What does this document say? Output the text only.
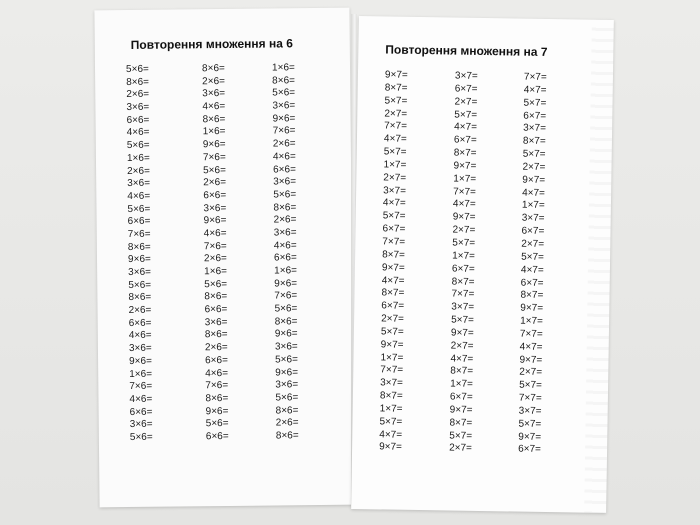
Повторення множення на 6
5×6=
8×6=
2×6=
3×6=
6×6=
4×6=
5×6=
1×6=
2×6=
3×6=
4×6=
5×6=
6×6=
7×6=
8×6=
9×6=
3×6=
5×6=
8×6=
2×6=
6×6=
4×6=
3×6=
9×6=
1×6=
7×6=
4×6=
6×6=
3×6=
5×6=
8×6=
2×6=
3×6=
4×6=
8×6=
1×6=
9×6=
7×6=
5×6=
2×6=
6×6=
3×6=
9×6=
4×6=
7×6=
2×6=
1×6=
5×6=
8×6=
6×6=
3×6=
8×6=
2×6=
6×6=
4×6=
7×6=
8×6=
9×6=
5×6=
6×6=
1×6=
8×6=
5×6=
3×6=
9×6=
7×6=
2×6=
4×6=
6×6=
3×6=
5×6=
8×6=
2×6=
3×6=
4×6=
6×6=
1×6=
9×6=
7×6=
5×6=
8×6=
9×6=
3×6=
5×6=
9×6=
3×6=
5×6=
8×6=
2×6=
8×6=
Повторення множення на 7
9×7=
8×7=
5×7=
2×7=
7×7=
4×7=
5×7=
1×7=
2×7=
3×7=
4×7=
5×7=
6×7=
7×7=
8×7=
9×7=
4×7=
8×7=
6×7=
2×7=
5×7=
9×7=
1×7=
7×7=
3×7=
8×7=
1×7=
5×7=
4×7=
9×7=
3×7=
6×7=
2×7=
5×7=
4×7=
6×7=
8×7=
9×7=
1×7=
7×7=
4×7=
9×7=
2×7=
5×7=
1×7=
6×7=
8×7=
7×7=
3×7=
5×7=
9×7=
2×7=
4×7=
8×7=
1×7=
6×7=
9×7=
8×7=
5×7=
2×7=
7×7=
4×7=
5×7=
6×7=
3×7=
8×7=
5×7=
2×7=
9×7=
4×7=
1×7=
3×7=
6×7=
2×7=
5×7=
4×7=
6×7=
8×7=
9×7=
1×7=
7×7=
4×7=
9×7=
2×7=
5×7=
7×7=
3×7=
5×7=
9×7=
6×7=
